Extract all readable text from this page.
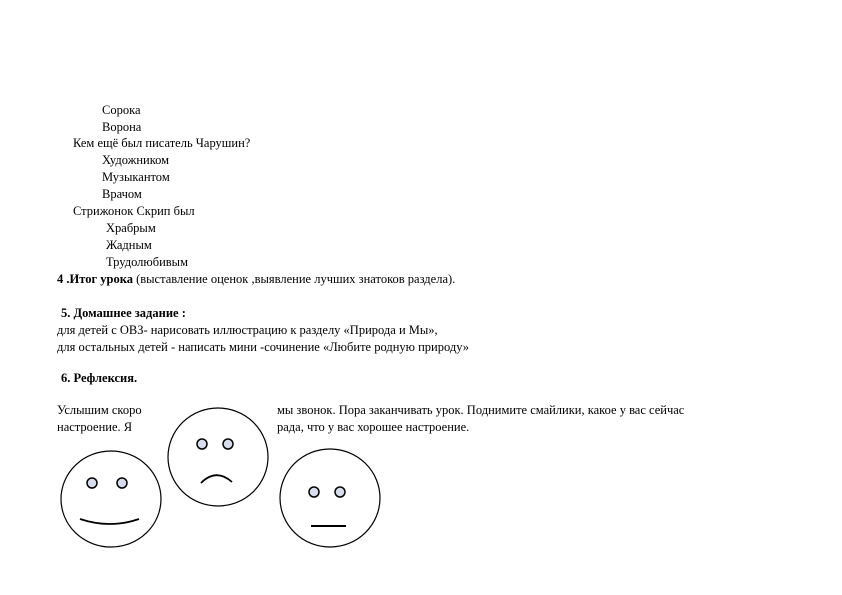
Сорока
Ворона
Кем ещё был писатель Чарушин?
Художником
Музыкантом
Врачом
Стрижонок Скрип был
Храбрым
Жадным
Трудолюбивым
4 .Итог урока (выставление оценок ,выявление лучших знатоков раздела).
5. Домашнее задание :
для детей с ОВЗ- нарисовать иллюстрацию к разделу «Природа и Мы»,
для остальных детей - написать мини -сочинение «Любите родную природу»
6. Рефлексия.
Услышим скоро
настроение. Я
мы звонок. Пора заканчивать урок. Поднимите смайлики, какое у вас сейчас
рада, что у вас хорошее настроение.
